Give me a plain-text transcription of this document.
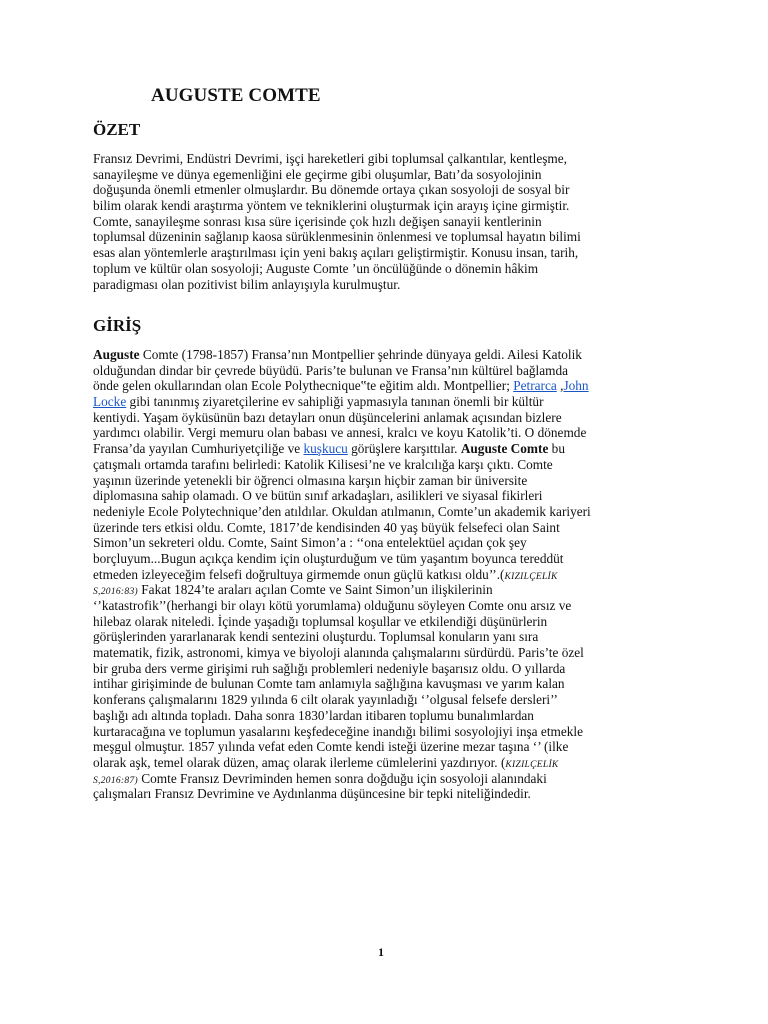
AUGUSTE COMTE
ÖZET
Fransız Devrimi, Endüstri Devrimi, işçi hareketleri gibi toplumsal çalkantılar, kentleşme,
sanayileşme ve dünya egemenliğini ele geçirme gibi oluşumlar, Batı’da sosyolojinin
doğuşunda önemli etmenler olmuşlardır. Bu dönemde ortaya çıkan sosyoloji de sosyal bir
bilim olarak kendi araştırma yöntem ve tekniklerini oluşturmak için arayış içine girmiştir.
Comte, sanayileşme sonrası kısa süre içerisinde çok hızlı değişen sanayii kentlerinin
toplumsal düzeninin sağlanıp kaosa sürüklenmesinin önlenmesi ve toplumsal hayatın bilimi
esas alan yöntemlerle araştırılması için yeni bakış açıları geliştirmiştir. Konusu insan, tarih,
toplum ve kültür olan sosyoloji; Auguste Comte ’un öncülüğünde o dönemin hâkim
paradigması olan pozitivist bilim anlayışıyla kurulmuştur.
GİRİŞ
Auguste Comte (1798-1857) Fransa’nın Montpellier şehrinde dünyaya geldi. Ailesi Katolik
olduğundan dindar bir çevrede büyüdü. Paris’te bulunan ve Fransa’nın kültürel bağlamda
önde gelen okullarından olan Ecole Polythecnique‟te eğitim aldı. Montpellier; Petrarca ,John
Locke gibi tanınmış ziyaretçilerine ev sahipliği yapmasıyla tanınan önemli bir kültür
kentiydi. Yaşam öyküsünün bazı detayları onun düşüncelerini anlamak açısından bizlere
yardımcı olabilir. Vergi memuru olan babası ve annesi, kralcı ve koyu Katolik’ti. O dönemde
Fransa’da yayılan Cumhuriyetçiliğe ve kuşkucu görüşlere karşıttılar. Auguste Comte bu
çatışmalı ortamda tarafını belirledi: Katolik Kilisesi’ne ve kralcılığa karşı çıktı. Comte
yaşının üzerinde yetenekli bir öğrenci olmasına karşın hiçbir zaman bir üniversite
diplomasına sahip olamadı. O ve bütün sınıf arkadaşları, asilikleri ve siyasal fikirleri
nedeniyle Ecole Polytechnique’den atıldılar. Okuldan atılmanın, Comte’un akademik kariyeri
üzerinde ters etkisi oldu. Comte, 1817’de kendisinden 40 yaş büyük felsefeci olan Saint
Simon’un sekreteri oldu. Comte, Saint Simon’a : ‘‘ona entelektüel açıdan çok şey
borçluyum...Bugun açıkça kendim için oluşturduğum ve tüm yaşantım boyunca tereddüt
etmeden izleyeceğim felsefi doğrultuya girmemde onun güçlü katkısı oldu’’.(KIZILÇELİK
S,2016:83) Fakat 1824’te araları açılan Comte ve Saint Simon’un ilişkilerinin
‘’katastrofik’’(herhangi bir olayı kötü yorumlama) olduğunu söyleyen Comte onu arsız ve
hilebaz olarak niteledi. İçinde yaşadığı toplumsal koşullar ve etkilendiği düşünürlerin
görüşlerinden yararlanarak kendi sentezini oluşturdu. Toplumsal konuların yanı sıra
matematik, fizik, astronomi, kimya ve biyoloji alanında çalışmalarını sürdürdü. Paris’te özel
bir gruba ders verme girişimi ruh sağlığı problemleri nedeniyle başarısız oldu. O yıllarda
intihar girişiminde de bulunan Comte tam anlamıyla sağlığına kavuşması ve yarım kalan
konferans çalışmalarını 1829 yılında 6 cilt olarak yayınladığı ‘’olgusal felsefe dersleri’’
başlığı adı altında topladı. Daha sonra 1830’lardan itibaren toplumu bunalımlardan
kurtaracağına ve toplumun yasalarını keşfedeceğine inandığı bilimi sosyolojiyi inşa etmekle
meşgul olmuştur. 1857 yılında vefat eden Comte kendi isteği üzerine mezar taşına ‘’ (ilke
olarak aşk, temel olarak düzen, amaç olarak ilerleme cümlelerini yazdırıyor. (KIZILÇELİK
S,2016:87) Comte Fransız Devriminden hemen sonra doğduğu için sosyoloji alanındaki
çalışmaları Fransız Devrimine ve Aydınlanma düşüncesine bir tepki niteliğindedir.
1
